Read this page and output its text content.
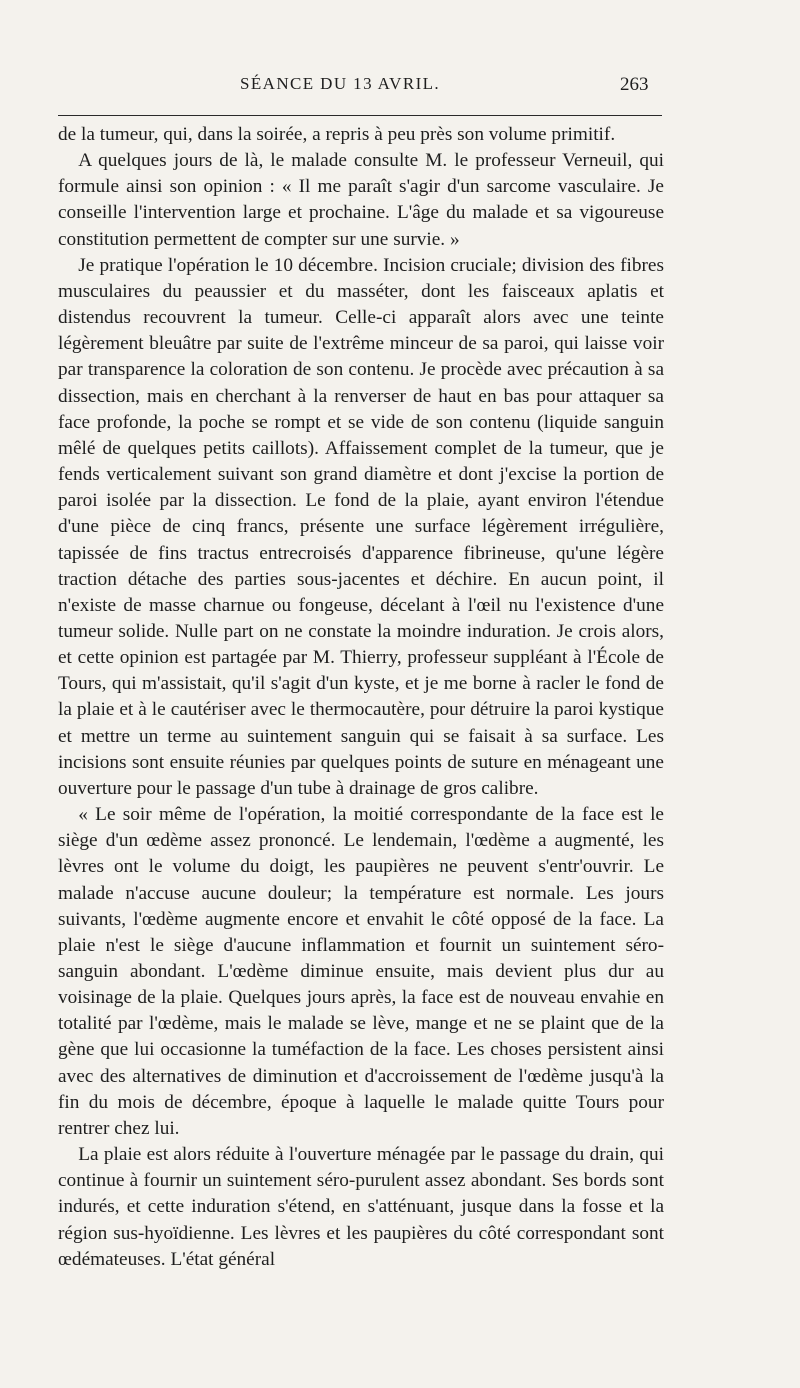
SÉANCE DU 13 AVRIL.	263

de la tumeur, qui, dans la soirée, a repris à peu près son volume primitif.

A quelques jours de là, le malade consulte M. le professeur Verneuil, qui formule ainsi son opinion : « Il me paraît s'agir d'un sarcome vasculaire. Je conseille l'intervention large et prochaine. L'âge du malade et sa vigoureuse constitution permettent de compter sur une survie. »

Je pratique l'opération le 10 décembre. Incision cruciale; division des fibres musculaires du peaussier et du masséter, dont les faisceaux aplatis et distendus recouvrent la tumeur. Celle-ci apparaît alors avec une teinte légèrement bleuâtre par suite de l'extrême minceur de sa paroi, qui laisse voir par transparence la coloration de son contenu. Je procède avec précaution à sa dissection, mais en cherchant à la renverser de haut en bas pour attaquer sa face profonde, la poche se rompt et se vide de son contenu (liquide sanguin mêlé de quelques petits caillots). Affaissement complet de la tumeur, que je fends verticalement suivant son grand diamètre et dont j'excise la portion de paroi isolée par la dissection. Le fond de la plaie, ayant environ l'étendue d'une pièce de cinq francs, présente une surface légèrement irrégulière, tapissée de fins tractus entrecroisés d'apparence fibrineuse, qu'une légère traction détache des parties sous-jacentes et déchire. En aucun point, il n'existe de masse charnue ou fongeuse, décelant à l'œil nu l'existence d'une tumeur solide. Nulle part on ne constate la moindre induration. Je crois alors, et cette opinion est partagée par M. Thierry, professeur suppléant à l'École de Tours, qui m'assistait, qu'il s'agit d'un kyste, et je me borne à racler le fond de la plaie et à le cautériser avec le thermocautère, pour détruire la paroi kystique et mettre un terme au suintement sanguin qui se faisait à sa surface. Les incisions sont ensuite réunies par quelques points de suture en ménageant une ouverture pour le passage d'un tube à drainage de gros calibre.

« Le soir même de l'opération, la moitié correspondante de la face est le siège d'un œdème assez prononcé. Le lendemain, l'œdème a augmenté, les lèvres ont le volume du doigt, les paupières ne peuvent s'entr'ouvrir. Le malade n'accuse aucune douleur; la température est normale. Les jours suivants, l'œdème augmente encore et envahit le côté opposé de la face. La plaie n'est le siège d'aucune inflammation et fournit un suintement séro-sanguin abondant. L'œdème diminue ensuite, mais devient plus dur au voisinage de la plaie. Quelques jours après, la face est de nouveau envahie en totalité par l'œdème, mais le malade se lève, mange et ne se plaint que de la gène que lui occasionne la tuméfaction de la face. Les choses persistent ainsi avec des alternatives de diminution et d'accroissement de l'œdème jusqu'à la fin du mois de décembre, époque à laquelle le malade quitte Tours pour rentrer chez lui.

La plaie est alors réduite à l'ouverture ménagée par le passage du drain, qui continue à fournir un suintement séro-purulent assez abondant. Ses bords sont indurés, et cette induration s'étend, en s'atténuant, jusque dans la fosse et la région sus-hyoïdienne. Les lèvres et les paupières du côté correspondant sont œdémateuses. L'état général
